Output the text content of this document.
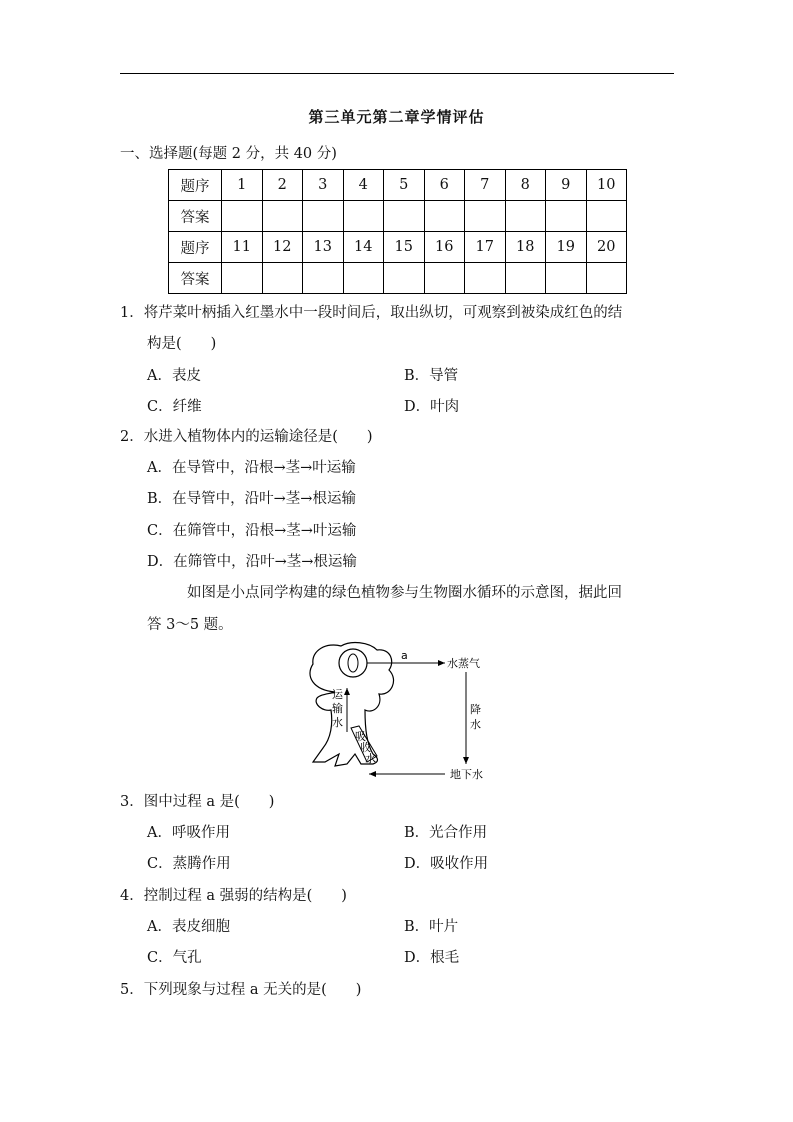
第三单元第二章学情评估
一、选择题(每题 2 分，共 40 分)
题序	1	2	3	4	5	6	7	8	9	10
答案										
题序	11	12	13	14	15	16	17	18	19	20
答案										
1．将芹菜叶柄插入红墨水中一段时间后，取出纵切，可观察到被染成红色的结
构是(　　)
A．表皮	B．导管
C．纤维	D．叶肉
2．水进入植物体内的运输途径是(　　)
A．在导管中，沿根→茎→叶运输
B．在导管中，沿叶→茎→根运输
C．在筛管中，沿根→茎→叶运输
D．在筛管中，沿叶→茎→根运输
如图是小点同学构建的绿色植物参与生物圈水循环的示意图，据此回
答 3～5 题。
a
水蒸气
降
水
地下水
运
输
水
吸
收
水
3．图中过程 a 是(　　)
A．呼吸作用	B．光合作用
C．蒸腾作用	D．吸收作用
4．控制过程 a 强弱的结构是(　　)
A．表皮细胞	B．叶片
C．气孔	D．根毛
5．下列现象与过程 a 无关的是(　　)
